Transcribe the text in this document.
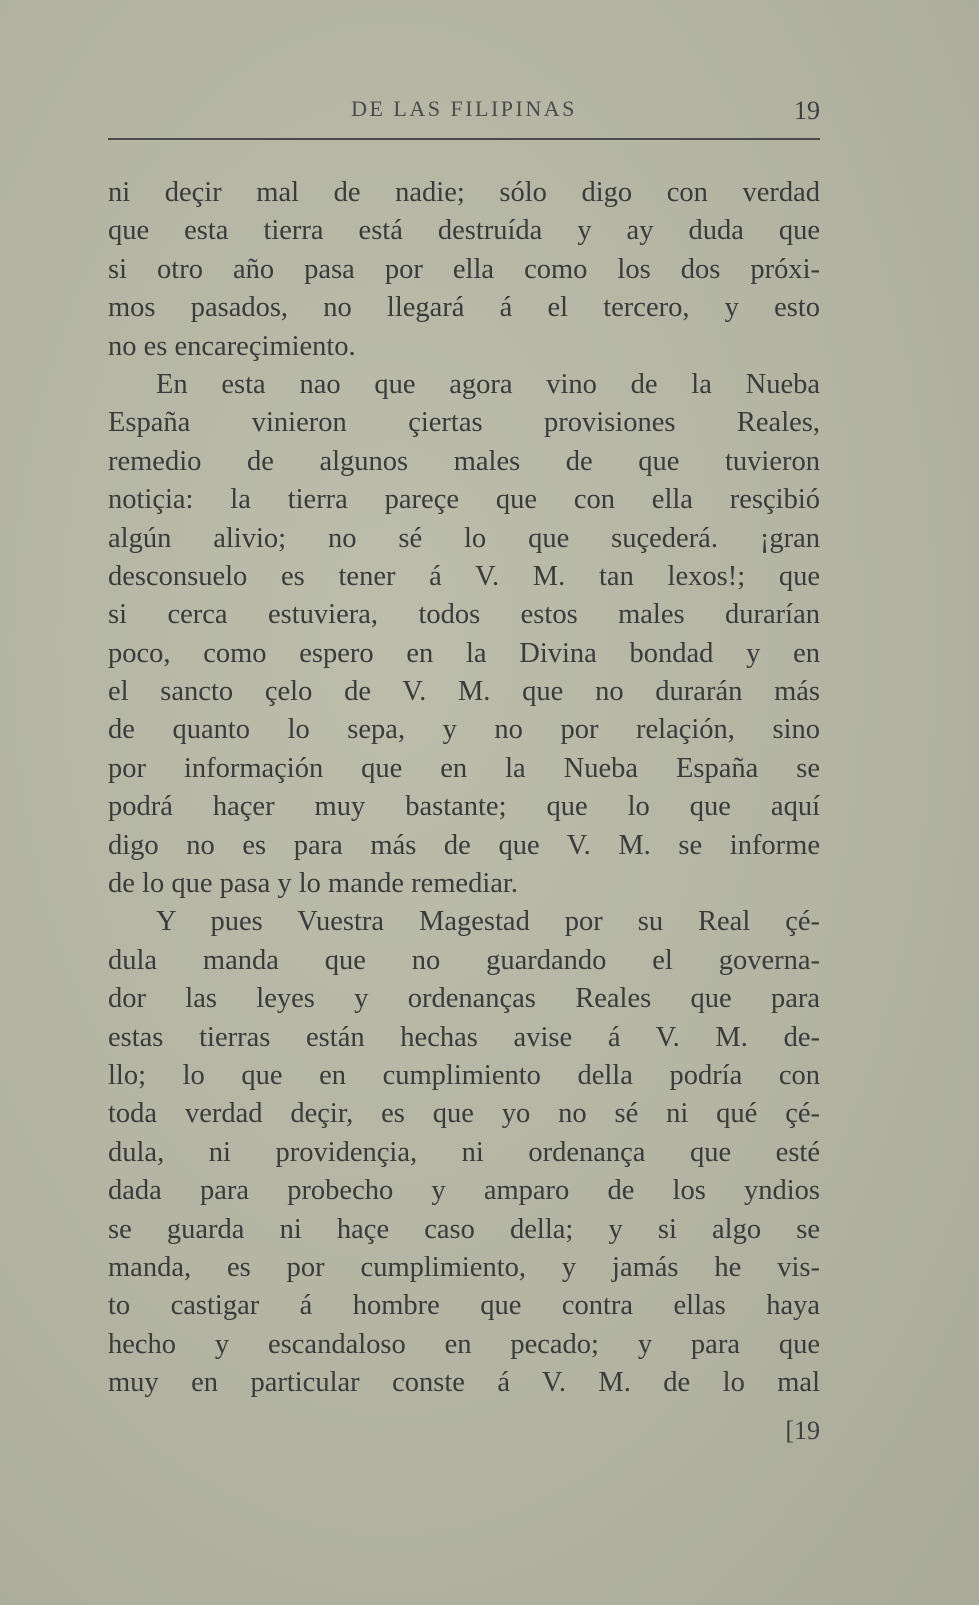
DE LAS FILIPINAS	19
ni deçir mal de nadie; sólo digo con verdad
que esta tierra está destruída y ay duda que
si otro año pasa por ella como los dos próxi-
mos pasados, no llegará á el tercero, y esto
no es encareçimiento.
En esta nao que agora vino de la Nueba
España vinieron çiertas provisiones Reales,
remedio de algunos males de que tuvieron
notiçia: la tierra pareçe que con ella resçibió
algún alivio; no sé lo que suçederá. ¡gran
desconsuelo es tener á V. M. tan lexos!; que
si cerca estuviera, todos estos males durarían
poco, como espero en la Divina bondad y en
el sancto çelo de V. M. que no durarán más
de quanto lo sepa, y no por relaçión, sino
por informaçión que en la Nueba España se
podrá haçer muy bastante; que lo que aquí
digo no es para más de que V. M. se informe
de lo que pasa y lo mande remediar.
Y pues Vuestra Magestad por su Real çé-
dula manda que no guardando el governa-
dor las leyes y ordenanças Reales que para
estas tierras están hechas avise á V. M. de-
llo; lo que en cumplimiento della podría con
toda verdad deçir, es que yo no sé ni qué çé-
dula, ni providençia, ni ordenança que esté
dada para probecho y amparo de los yndios
se guarda ni haçe caso della; y si algo se
manda, es por cumplimiento, y jamás he vis-
to castigar á hombre que contra ellas haya
hecho y escandaloso en pecado; y para que
muy en particular conste á V. M. de lo mal
[19
